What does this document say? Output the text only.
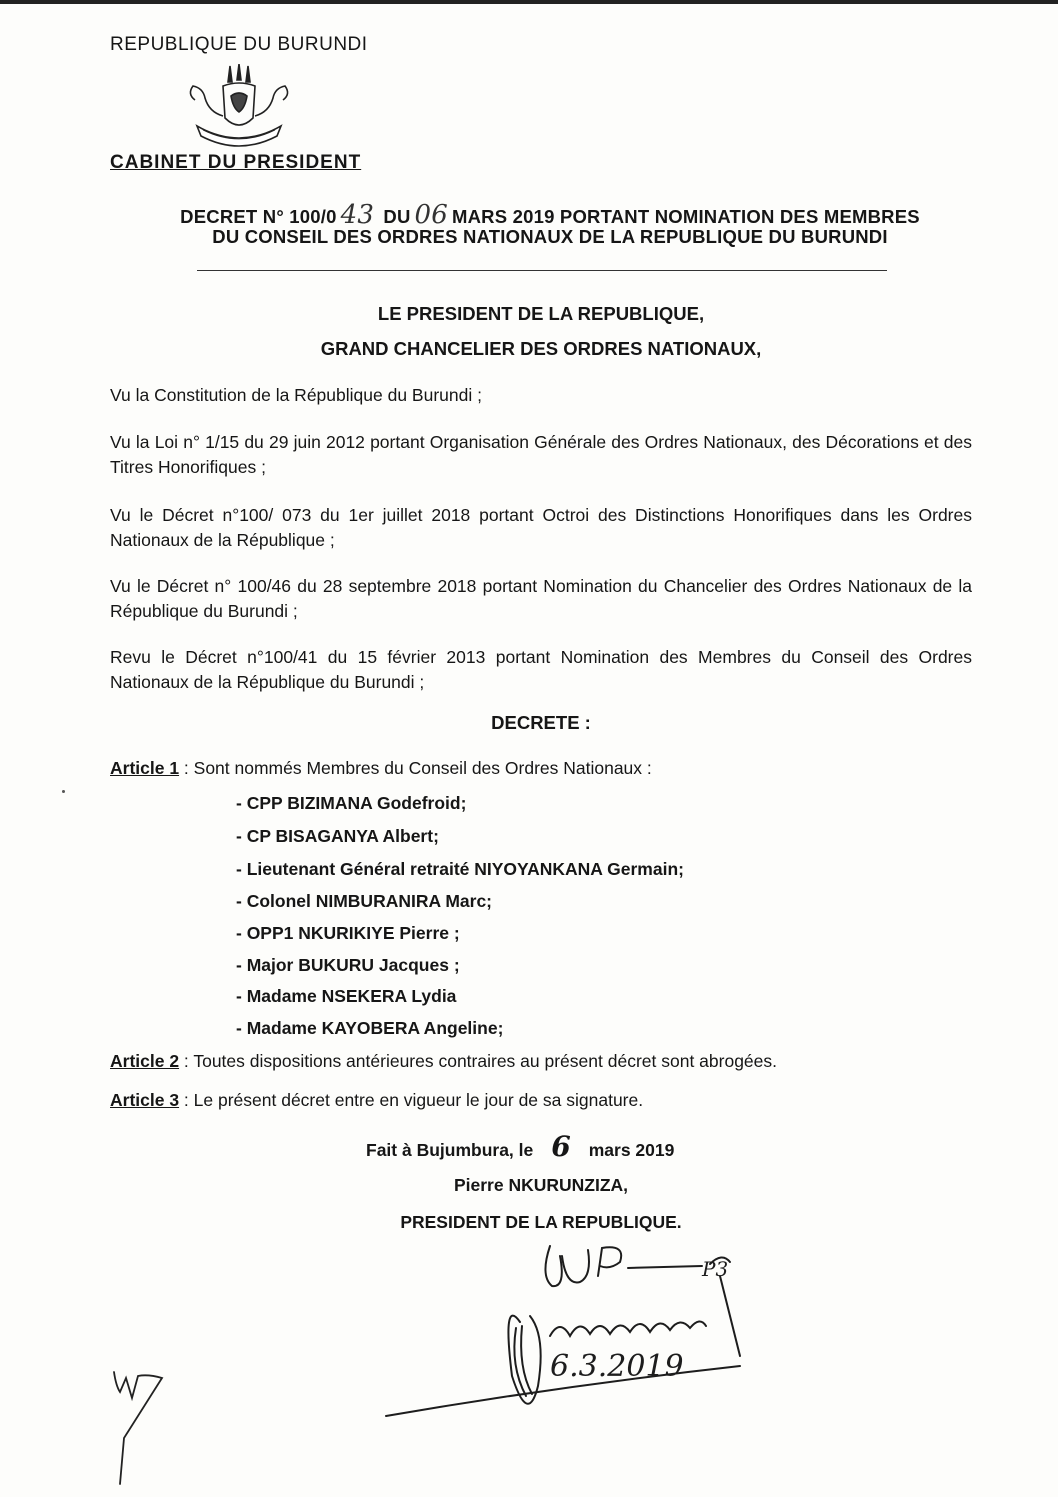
REPUBLIQUE DU BURUNDI
CABINET DU PRESIDENT
DECRET N° 100/0 43 DU 06 MARS 2019 PORTANT NOMINATION DES MEMBRES
DU CONSEIL DES ORDRES NATIONAUX DE LA REPUBLIQUE DU BURUNDI
LE PRESIDENT DE LA REPUBLIQUE,
GRAND CHANCELIER DES ORDRES NATIONAUX,
Vu la Constitution de la République du Burundi ;
Vu la Loi n° 1/15 du 29 juin 2012 portant Organisation Générale des Ordres Nationaux, des Décorations et des Titres Honorifiques ;
Vu le Décret n°100/ 073 du 1er juillet 2018 portant Octroi des Distinctions Honorifiques dans les Ordres Nationaux de la République ;
Vu le Décret n° 100/46 du 28 septembre 2018 portant Nomination du Chancelier des Ordres Nationaux de la République du Burundi ;
Revu le Décret n°100/41 du 15 février 2013 portant Nomination des Membres du Conseil des Ordres Nationaux de la République du Burundi ;
DECRETE :
Article 1 : Sont nommés Membres du Conseil des Ordres Nationaux :
- CPP BIZIMANA Godefroid;
- CP BISAGANYA Albert;
- Lieutenant Général retraité NIYOYANKANA Germain;
- Colonel NIMBURANIRA Marc;
- OPP1 NKURIKIYE Pierre ;
- Major BUKURU Jacques ;
- Madame NSEKERA Lydia
- Madame KAYOBERA Angeline;
Article 2 : Toutes dispositions antérieures contraires au présent décret sont abrogées.
Article 3 : Le présent décret entre en vigueur le jour de sa signature.
Fait à Bujumbura, le 6 mars 2019
Pierre NKURUNZIZA,
PRESIDENT DE LA REPUBLIQUE.
6.3.2019
P3
